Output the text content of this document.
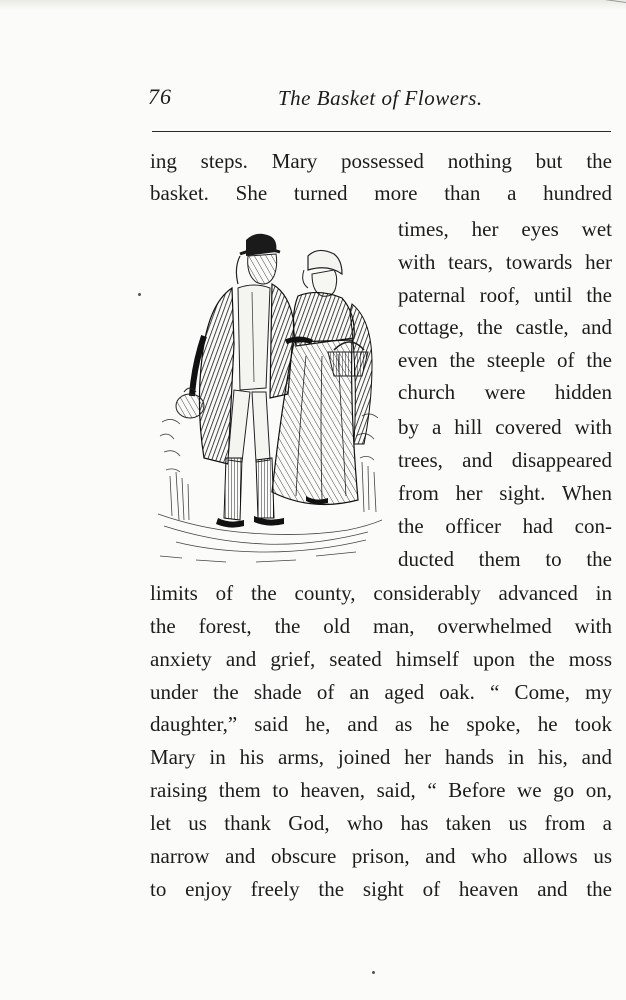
76	The Basket of Flowers.
ing steps. Mary possessed nothing but the
basket. She turned more than a hundred
times, her eyes wet
with tears, towards her
paternal roof, until the
cottage, the castle, and
even the steeple of the
church were hidden
by a hill covered with
trees, and disappeared
from her sight. When
the officer had con-
ducted them to the
limits of the county, considerably advanced in
the forest, the old man, overwhelmed with
anxiety and grief, seated himself upon the moss
under the shade of an aged oak. “ Come, my
daughter,” said he, and as he spoke, he took
Mary in his arms, joined her hands in his, and
raising them to heaven, said, “ Before we go on,
let us thank God, who has taken us from a
narrow and obscure prison, and who allows us
to enjoy freely the sight of heaven and the
